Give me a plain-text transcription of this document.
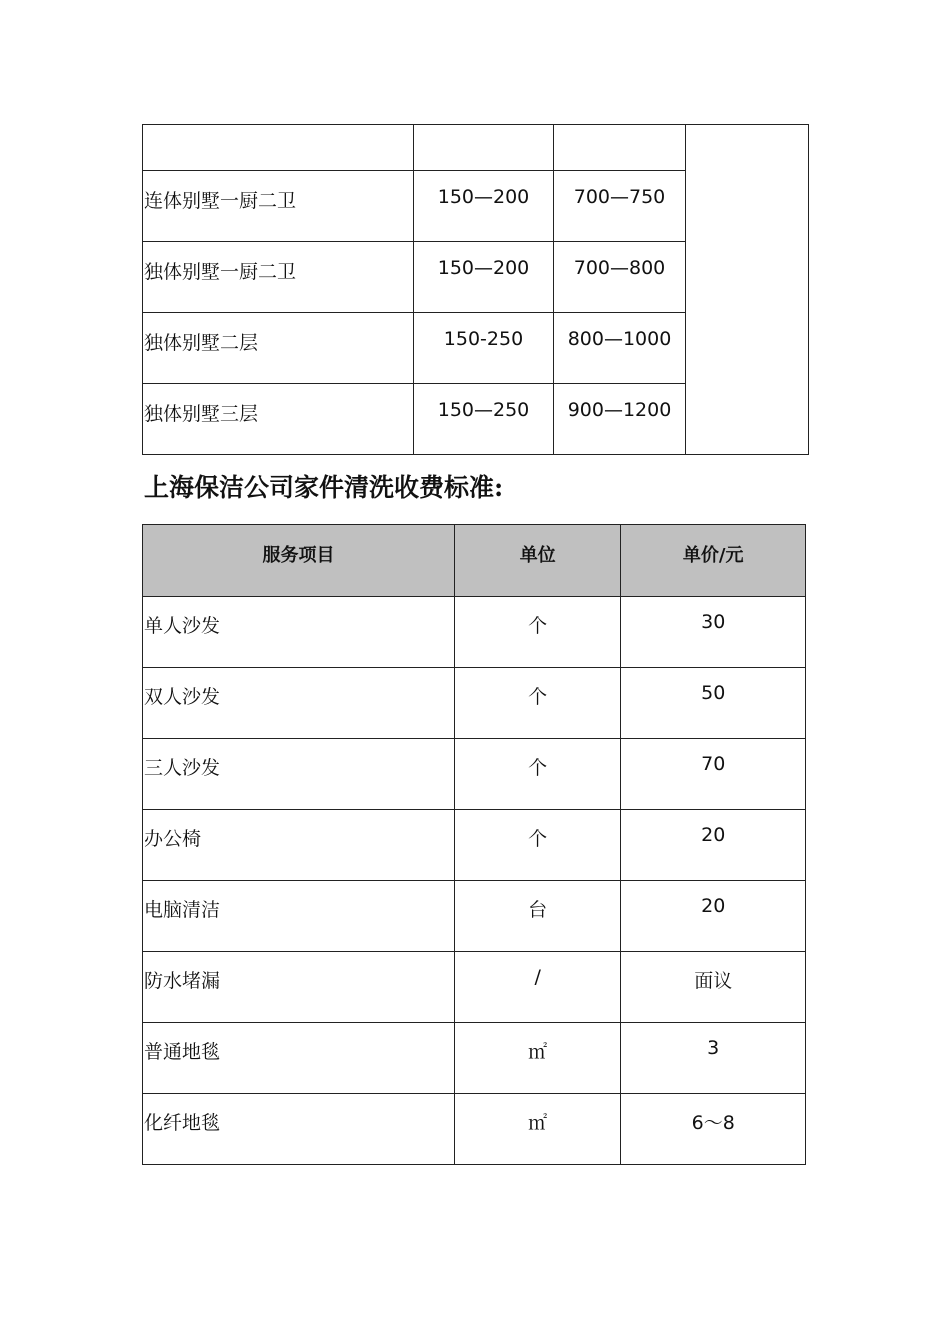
连体别墅一厨二卫	150—200	700—750	
独体别墅一厨二卫	150—200	700—800	
独体别墅二层	150-250	800—1000	
独体别墅三层	150—250	900—1200	
上海保洁公司家件清洗收费标准:
服务项目	单位	单价/元
单人沙发	个	30
双人沙发	个	50
三人沙发	个	70
办公椅	个	20
电脑清洁	台	20
防水堵漏	/	面议
普通地毯	㎡	3
化纤地毯	㎡	6～8
